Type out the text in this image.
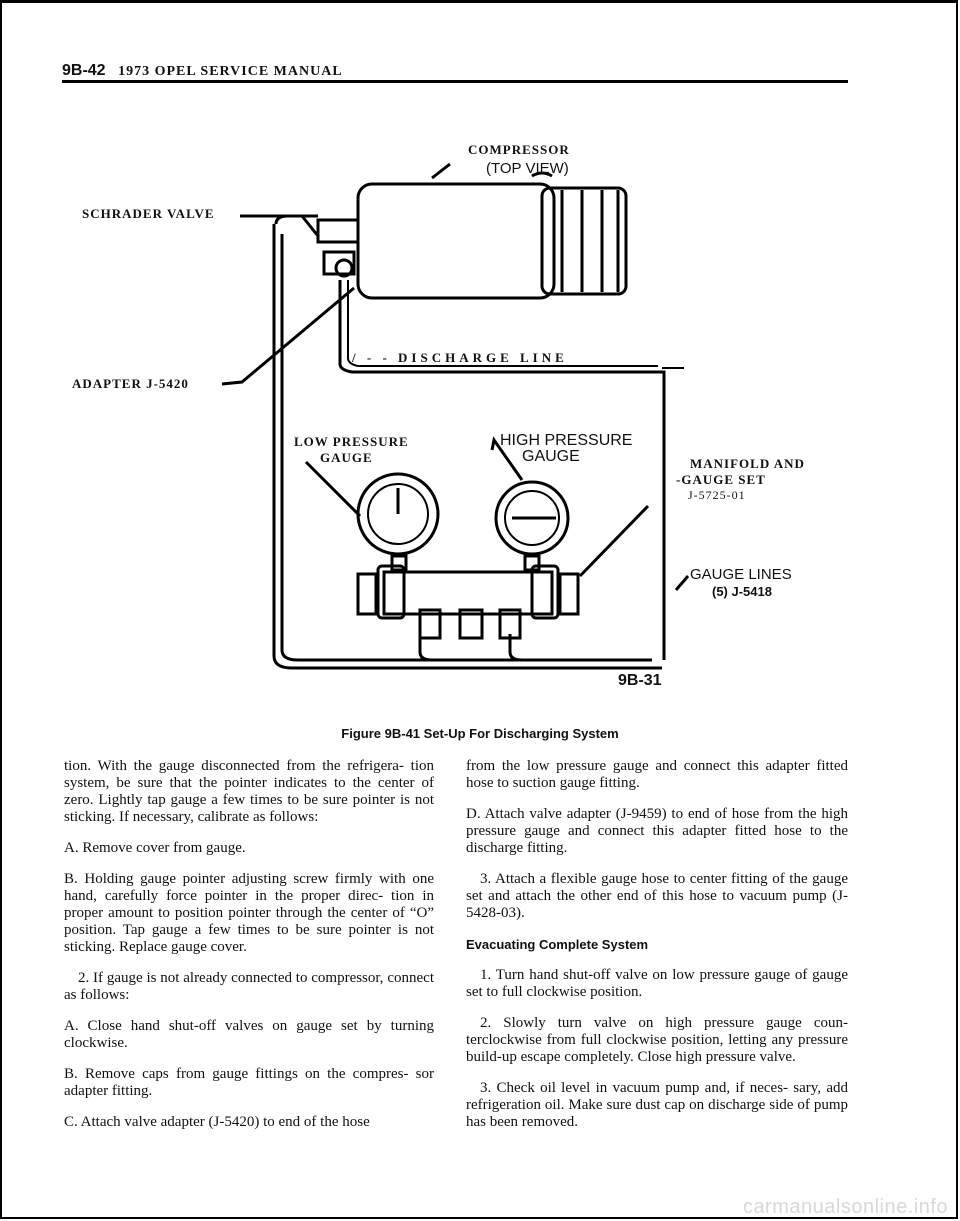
9B-42 1973 OPEL SERVICE MANUAL
COMPRESSOR
(TOP VIEW)
SCHRADER VALVE
ADAPTER J-5420
/ - - DISCHARGE LINE
LOW PRESSURE
GAUGE
HIGH PRESSURE
GAUGE	MANIFOLD AND
-GAUGE SET
J-5725-01
GAUGE LINES
(5) J-5418
9B-31
Figure 9B-41 Set-Up For Discharging System

tion. With the gauge disconnected from the refrigera- tion system, be sure that the pointer indicates to the center of zero. Lightly tap gauge a few times to be sure pointer is not sticking. If necessary, calibrate as follows:

A. Remove cover from gauge.

B. Holding gauge pointer adjusting screw firmly with one hand, carefully force pointer in the proper direc- tion in proper amount to position pointer through the center of “O” position. Tap gauge a few times to be sure pointer is not sticking. Replace gauge cover.

2. If gauge is not already connected to compressor, connect as follows:

A. Close hand shut-off valves on gauge set by turning clockwise.

B. Remove caps from gauge fittings on the compres- sor adapter fitting.

C. Attach valve adapter (J-5420) to end of the hose

from the low pressure gauge and connect this adapter fitted hose to suction gauge fitting.

D. Attach valve adapter (J-9459) to end of hose from the high pressure gauge and connect this adapter fitted hose to the discharge fitting.

3. Attach a flexible gauge hose to center fitting of the gauge set and attach the other end of this hose to vacuum pump (J-5428-03).

Evacuating Complete System

1. Turn hand shut-off valve on low pressure gauge of gauge set to full clockwise position.

2. Slowly turn valve on high pressure gauge coun- terclockwise from full clockwise position, letting any pressure build-up escape completely. Close high pressure valve.

3. Check oil level in vacuum pump and, if neces- sary, add refrigeration oil. Make sure dust cap on discharge side of pump has been removed.

carmanualsonline.info
